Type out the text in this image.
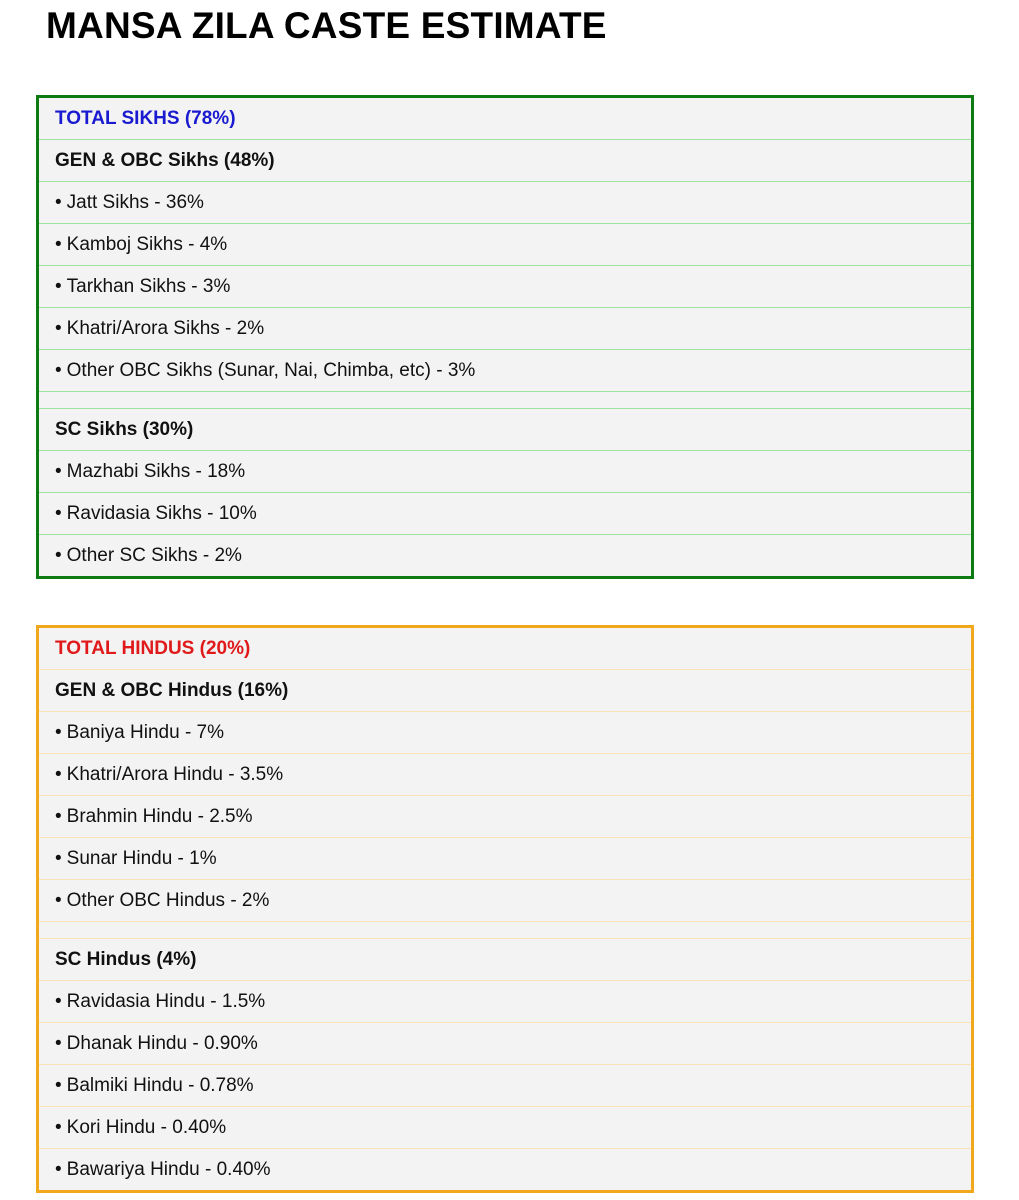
MANSA ZILA CASTE ESTIMATE
TOTAL SIKHS (78%)
GEN & OBC Sikhs (48%)
• Jatt Sikhs - 36%
• Kamboj Sikhs - 4%
• Tarkhan Sikhs - 3%
• Khatri/Arora Sikhs - 2%
• Other OBC Sikhs (Sunar, Nai, Chimba, etc) - 3%
SC Sikhs (30%)
• Mazhabi Sikhs - 18%
• Ravidasia Sikhs - 10%
• Other SC Sikhs - 2%
TOTAL HINDUS (20%)
GEN & OBC Hindus (16%)
• Baniya Hindu - 7%
• Khatri/Arora Hindu - 3.5%
• Brahmin Hindu - 2.5%
• Sunar Hindu - 1%
• Other OBC Hindus - 2%
SC Hindus (4%)
• Ravidasia Hindu - 1.5%
• Dhanak Hindu - 0.90%
• Balmiki Hindu - 0.78%
• Kori Hindu - 0.40%
• Bawariya Hindu - 0.40%
